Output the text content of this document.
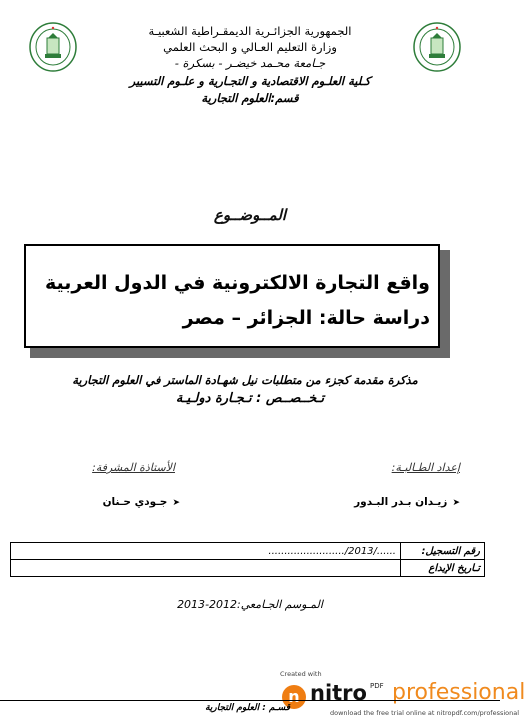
الجمهورية الجزائـرية الديمقـراطية الشعبيـة
وزارة التعليم العـالي و البحث العلمي
جـامعة محـمد خيضـر - بسكرة -
كـلية العلـوم الاقتصادية و التجـارية و علـوم التسيير
قسم:العلوم التجارية
المــوضــوع
واقع التجارة الالكترونية في الدول العربية
دراسة حالة: الجزائر – مصر
مذكرة مقدمة كجزء من متطلبات نيل شهـادة الماستر في العلوم التجارية
تـخــصــص : تـجـارة دولـيـة
إعداد الطـالبـة:
الأستاذة المشرفة:
➤ زيـدان بـدر البـدور
➤ جـودي حـنان
رقم التسجيل:	....../2013/........................
تـاريخ الإيداع	
المـوسم الجـامعي:2012-2013
Created with
n nitro PDF professional
قسـم : العلوم التجارية	download the free trial online at nitropdf.com/professional
